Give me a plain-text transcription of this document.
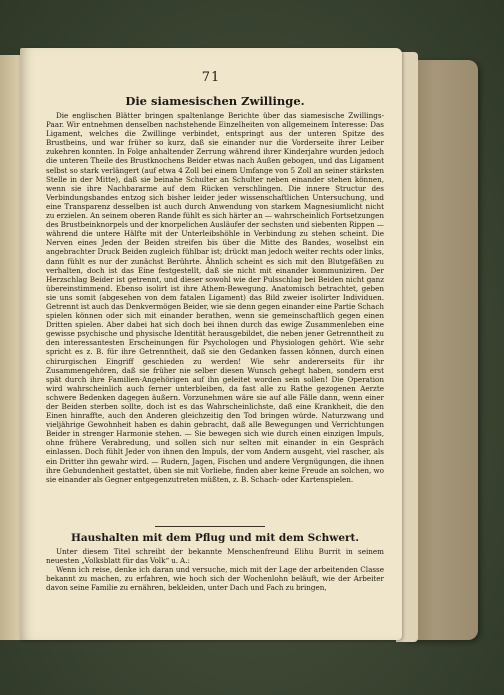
71
Die siamesischen Zwillinge.

Die englischen Blätter bringen spaltenlange Berichte über das siamesische Zwillings-Paar. Wir entnehmen denselben nachstehende Einzelheiten von allgemeinem Interesse: Das Ligament, welches die Zwillinge verbindet, entspringt aus der unteren Spitze des Brustbeins, und war früher so kurz, daß sie einander nur die Vorderseite ihrer Leiber zukehren konnten. In Folge anhaltender Zerrung während ihrer Kinderjahre wurden jedoch die unteren Theile des Brustknochens Beider etwas nach Außen gebogen, und das Ligament selbst so stark verlängert (auf etwa 4 Zoll bei einem Umfange von 5 Zoll an seiner stärksten Stelle in der Mitte), daß sie beinahe Schulter an Schulter neben einander stehen können, wenn sie ihre Nachbararme auf dem Rücken verschlingen. Die innere Structur des Verbindungsbandes entzog sich bisher leider jeder wissenschaftlichen Untersuchung, und eine Transparenz desselben ist auch durch Anwendung von starkem Magnesiumlicht nicht zu erzielen. An seinem oberen Rande fühlt es sich härter an — wahrscheinlich Fortsetzungen des Brustbeinknorpels und der knorpelichen Ausläufer der sechsten und siebenten Rippen — während die untere Hälfte mit der Unterleibshöhle in Verbindung zu stehen scheint. Die Nerven eines Jeden der Beiden streifen bis über die Mitte des Bandes, woselbst ein angebrachter Druck Beiden zugleich fühlbar ist; drückt man jedoch weiter rechts oder links, dann fühlt es nur der zunächst Berührte. Ähnlich scheint es sich mit den Blutgefäßen zu verhalten, doch ist das Eine festgestellt, daß sie nicht mit einander kommuniziren. Der Herzschlag Beider ist getrennt, und dieser sowohl wie der Pulsschlag bei Beiden nicht ganz übereinstimmend. Ebenso isolirt ist ihre Athem-Bewegung. Anatomisch betrachtet, geben sie uns somit (abgesehen von dem fatalen Ligament) das Bild zweier isolirter Individuen. Getrennt ist auch das Denkvermögen Beider, wie sie denn gegen einander eine Partie Schach spielen können oder sich mit einander berathen, wenn sie gemeinschaftlich gegen einen Dritten spielen. Aber dabei hat sich doch bei ihnen durch das ewige Zusammenleben eine gewisse psychische und physische Identität herausgebildet, die neben jener Getrenntheit zu den interessantesten Erscheinungen für Psychologen und Physiologen gehört. Wie sehr spricht es z. B. für ihre Getrenntheit, daß sie den Gedanken fassen können, durch einen chirurgischen Eingriff geschieden zu werden! Wie sehr andererseits für ihr Zusammengehören, daß sie früher nie selber diesen Wunsch gehegt haben, sondern erst spät durch ihre Familien-Angehörigen auf ihn geleitet worden sein sollen! Die Operation wird wahrscheinlich auch ferner unterbleiben, da fast alle zu Rathe gezogenen Aerzte schwere Bedenken dagegen äußern. Vorzunehmen wäre sie auf alle Fälle dann, wenn einer der Beiden sterben sollte, doch ist es das Wahrscheinlichste, daß eine Krankheit, die den Einen hinraffte, auch den Anderen gleichzeitig den Tod bringen würde. Naturzwang und vieljährige Gewohnheit haben es dahin gebracht, daß alle Bewegungen und Verrichtungen Beider in strenger Harmonie stehen. — Sie bewegen sich wie durch einen einzigen Impuls, ohne frühere Verabredung, und sollen sich nur selten mit einander in ein Gespräch einlassen. Doch fühlt Jeder von ihnen den Impuls, der vom Andern ausgeht, viel rascher, als ein Dritter ihn gewahr wird. — Rudern, Jagen, Fischen und andere Vergnügungen, die ihnen ihre Gebundenheit gestattet, üben sie mit Vorliebe, finden aber keine Freude an solchen, wo sie einander als Gegner entgegenzutreten müßten, z. B. Schach- oder Kartenspielen.

Haushalten mit dem Pflug und mit dem Schwert.

Unter diesem Titel schreibt der bekannte Menschenfreund Elihu Burrit in seinem neuesten „Volksblatt für das Volk“ u. A.:

Wenn ich reise, denke ich daran und versuche, mich mit der Lage der arbeitenden Classe bekannt zu machen, zu erfahren, wie hoch sich der Wochenlohn beläuft, wie der Arbeiter davon seine Familie zu ernähren, bekleiden, unter Dach und Fach zu bringen,
